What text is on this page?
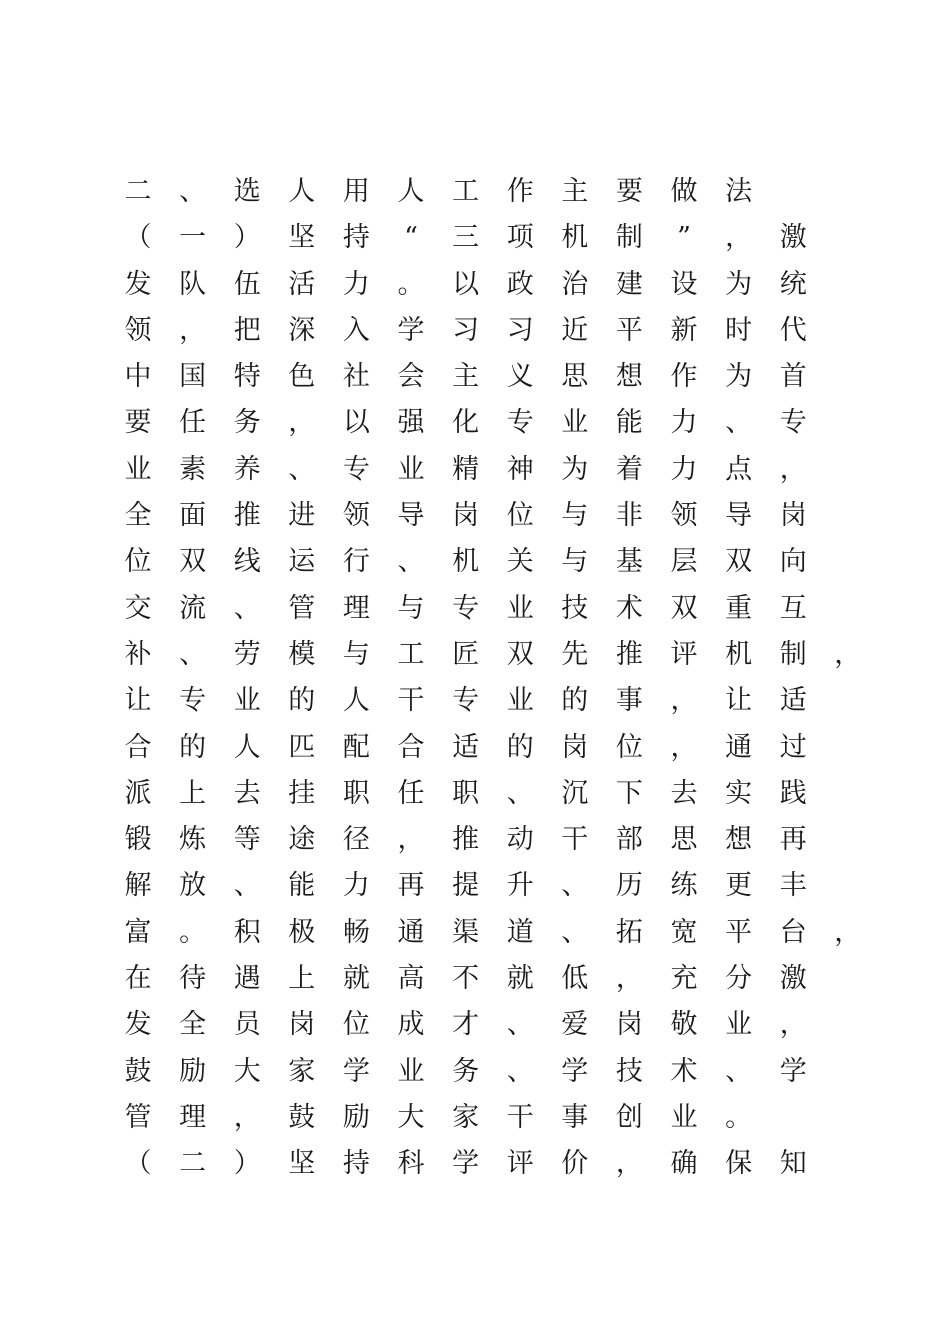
二 、 选 人 用 人 工 作 主 要 做 法
（ 一 ） 坚 持 “ 三 项 机 制 ” ， 激
发 队 伍 活 力 。 以 政 治 建 设 为 统
领 ， 把 深 入 学 习 习 近 平 新 时 代
中 国 特 色 社 会 主 义 思 想 作 为 首
要 任 务 ， 以 强 化 专 业 能 力 、 专
业 素 养 、 专 业 精 神 为 着 力 点 ，
全 面 推 进 领 导 岗 位 与 非 领 导 岗
位 双 线 运 行 、 机 关 与 基 层 双 向
交 流 、 管 理 与 专 业 技 术 双 重 互
补 、 劳 模 与 工 匠 双 先 推 评 机 制 ，
让 专 业 的 人 干 专 业 的 事 ， 让 适
合 的 人 匹 配 合 适 的 岗 位 ， 通 过
派 上 去 挂 职 任 职 、 沉 下 去 实 践
锻 炼 等 途 径 ， 推 动 干 部 思 想 再
解 放 、 能 力 再 提 升 、 历 练 更 丰
富 。 积 极 畅 通 渠 道 、 拓 宽 平 台 ，
在 待 遇 上 就 高 不 就 低 ， 充 分 激
发 全 员 岗 位 成 才 、 爱 岗 敬 业 ，
鼓 励 大 家 学 业 务 、 学 技 术 、 学
管 理 ， 鼓 励 大 家 干 事 创 业 。
（ 二 ） 坚 持 科 学 评 价 ， 确 保 知
